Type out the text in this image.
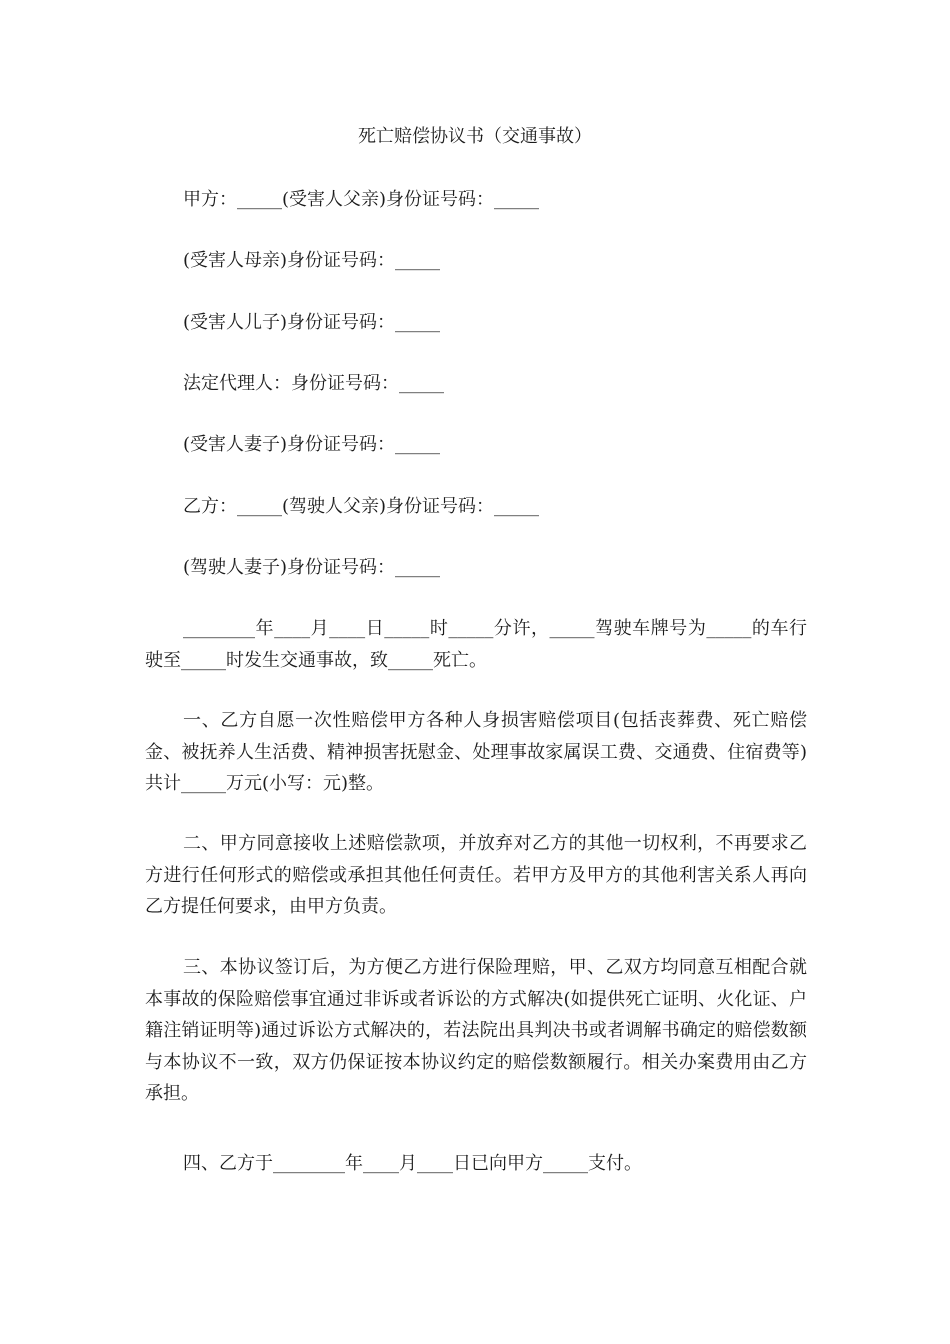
死亡赔偿协议书（交通事故）
甲方：_____(受害人父亲)身份证号码：_____
(受害人母亲)身份证号码：_____
(受害人儿子)身份证号码：_____
法定代理人：身份证号码：_____
(受害人妻子)身份证号码：_____
乙方：_____(驾驶人父亲)身份证号码：_____
(驾驶人妻子)身份证号码：_____
________年____月____日_____时_____分许，_____驾驶车牌号为_____的车行驶至_____时发生交通事故，致_____死亡。
一、乙方自愿一次性赔偿甲方各种人身损害赔偿项目(包括丧葬费、死亡赔偿金、被抚养人生活费、精神损害抚慰金、处理事故家属误工费、交通费、住宿费等)共计_____万元(小写：元)整。
二、甲方同意接收上述赔偿款项，并放弃对乙方的其他一切权利，不再要求乙方进行任何形式的赔偿或承担其他任何责任。若甲方及甲方的其他利害关系人再向乙方提任何要求，由甲方负责。
三、本协议签订后，为方便乙方进行保险理赔，甲、乙双方均同意互相配合就本事故的保险赔偿事宜通过非诉或者诉讼的方式解决(如提供死亡证明、火化证、户籍注销证明等)通过诉讼方式解决的，若法院出具判决书或者调解书确定的赔偿数额与本协议不一致，双方仍保证按本协议约定的赔偿数额履行。相关办案费用由乙方承担。
四、乙方于________年____月____日已向甲方_____支付。
